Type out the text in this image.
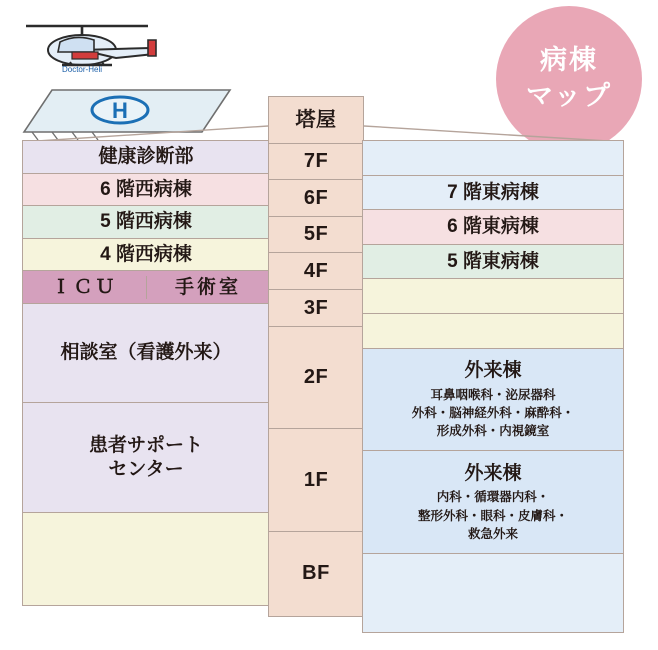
Doctor-Heli
H
病棟
マップ
健康診断部
6 階西病棟
5 階西病棟
4 階西病棟
ＩＣＵ	手術室
相談室（看護外来）
患者サポート
センター
塔屋
7F
6F
5F
4F
3F
2F
1F
BF
7 階東病棟
6 階東病棟
5 階東病棟
外来棟
耳鼻咽喉科・泌尿器科
外科・脳神経外科・麻酔科・
形成外科・内視鏡室
外来棟
内科・循環器内科・
整形外科・眼科・皮膚科・
救急外来
